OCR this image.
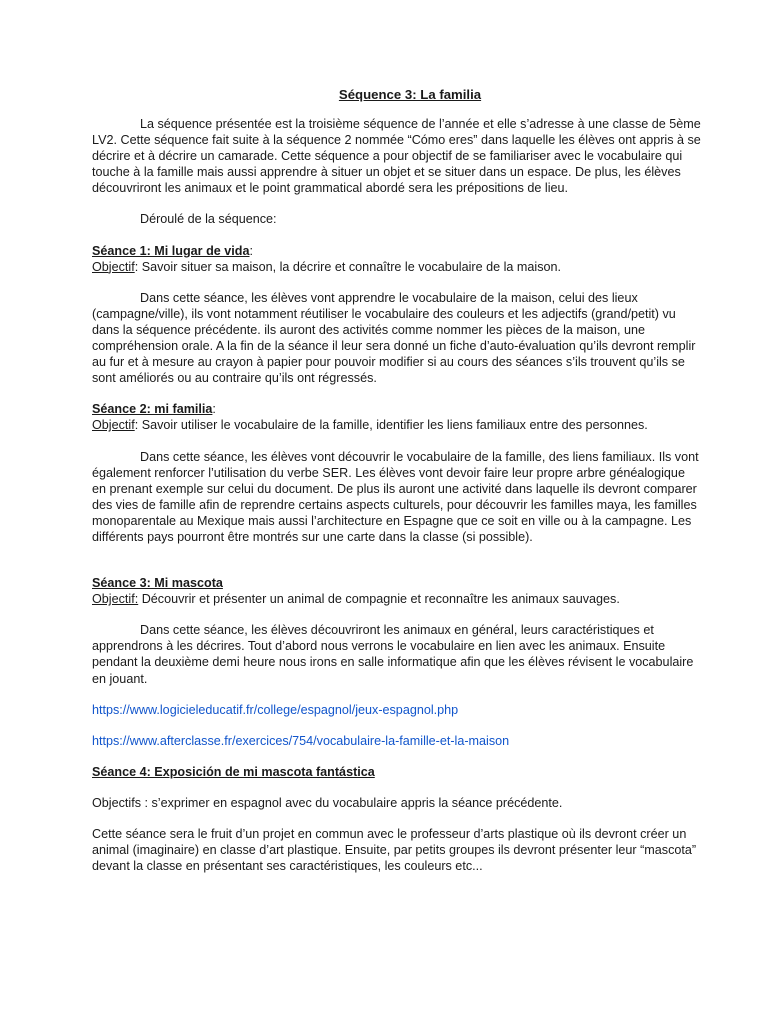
Séquence 3: La familia

La séquence présentée est la troisième séquence de l’année et elle s’adresse à une classe de 5ème LV2. Cette séquence fait suite à la séquence 2 nommée “Cómo eres” dans laquelle les élèves ont appris à se décrire et à décrire un camarade. Cette séquence a pour objectif de se familiariser avec le vocabulaire qui touche à la famille mais aussi apprendre à situer un objet et se situer dans un espace. De plus, les élèves découvriront les animaux et le point grammatical abordé sera les prépositions de lieu.

Déroulé de la séquence:

Séance 1: Mi lugar de vida:

Objectif: Savoir situer sa maison, la décrire et connaître le vocabulaire de la maison.

Dans cette séance, les élèves vont apprendre le vocabulaire de la maison, celui des lieux (campagne/ville), ils vont notamment réutiliser le vocabulaire des couleurs et les adjectifs (grand/petit) vu dans la séquence précédente. ils auront des activités comme nommer les pièces de la maison, une compréhension orale. A la fin de la séance il leur sera donné un fiche d’auto-évaluation qu’ils devront remplir au fur et à mesure au crayon à papier pour pouvoir modifier si au cours des séances s’ils trouvent qu’ils se sont améliorés ou au contraire qu’ils ont régressés.

Séance 2: mi familia:

Objectif: Savoir utiliser le vocabulaire de la famille, identifier les liens familiaux entre des personnes.

Dans cette séance, les élèves vont découvrir le vocabulaire de la famille, des liens familiaux. Ils vont également renforcer l’utilisation du verbe SER. Les élèves vont devoir faire leur propre arbre généalogique en prenant exemple sur celui du document. De plus ils auront une activité dans laquelle ils devront comparer des vies de famille afin de reprendre certains aspects culturels, pour découvrir les familles maya, les familles monoparentale au Mexique mais aussi l’architecture en Espagne que ce soit en ville ou à la campagne. Les différents pays pourront être montrés sur une carte dans la classe (si possible).

Séance 3: Mi mascota

Objectif: Découvrir et présenter un animal de compagnie et reconnaître les animaux sauvages.

Dans cette séance, les élèves découvriront les animaux en général, leurs caractéristiques et apprendrons à les décrires. Tout d’abord nous verrons le vocabulaire en lien avec les animaux. Ensuite pendant la deuxième demi heure nous irons en salle informatique afin que les élèves révisent le vocabulaire en jouant.

https://www.logicieleducatif.fr/college/espagnol/jeux-espagnol.php

https://www.afterclasse.fr/exercices/754/vocabulaire-la-famille-et-la-maison

Séance 4: Exposición de mi mascota fantástica

Objectifs : s’exprimer en espagnol avec du vocabulaire appris la séance précédente.

Cette séance sera le fruit d’un projet en commun avec le professeur d’arts plastique où ils devront créer un animal (imaginaire) en classe d’art plastique. Ensuite, par petits groupes ils devront présenter leur “mascota” devant la classe en présentant ses caractéristiques, les couleurs etc...
